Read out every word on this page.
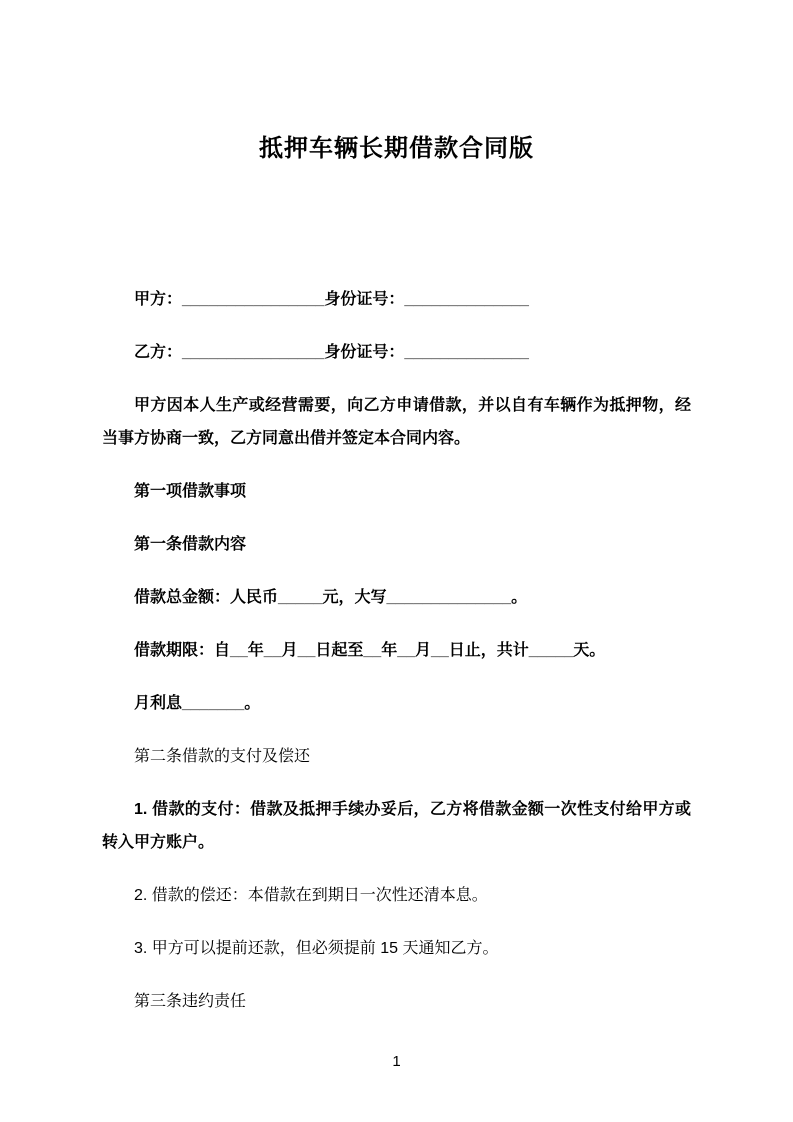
抵押车辆长期借款合同版

甲方：________________身份证号：______________

乙方：________________身份证号：______________

甲方因本人生产或经营需要，向乙方申请借款，并以自有车辆作为抵押物，经当事方协商一致，乙方同意出借并签定本合同内容。

第一项借款事项

第一条借款内容

借款总金额：人民币_____元，大写______________。

借款期限：自__年__月__日起至__年__月__日止，共计_____天。

月利息_______。

第二条借款的支付及偿还

1. 借款的支付：借款及抵押手续办妥后，乙方将借款金额一次性支付给甲方或转入甲方账户。

2. 借款的偿还：本借款在到期日一次性还清本息。

3. 甲方可以提前还款，但必须提前 15 天通知乙方。

第三条违约责任

1
